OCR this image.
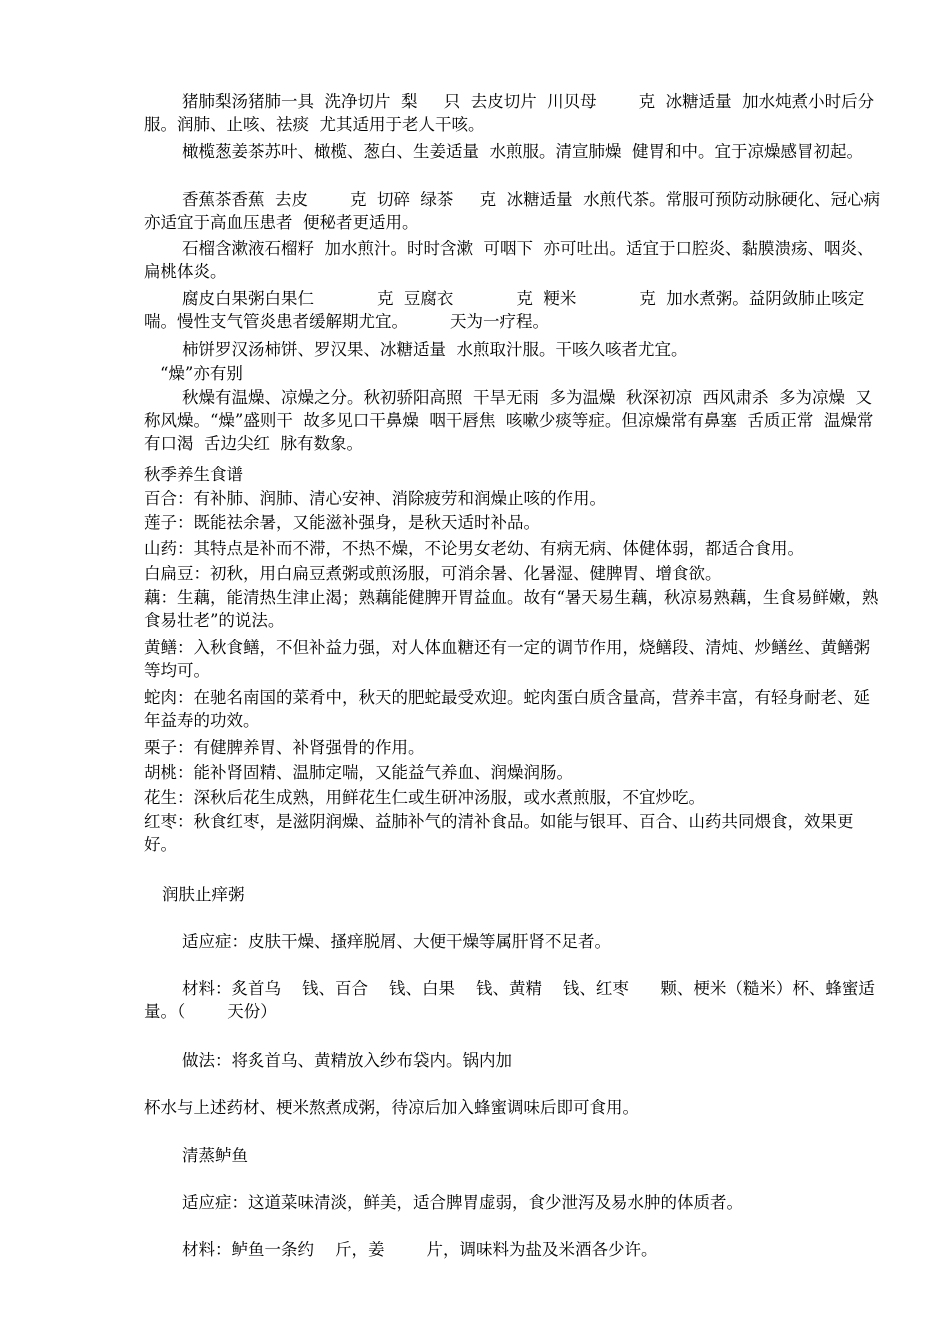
猪肺梨汤猪肺一具  洗净切片  梨     只  去皮切片  川贝母        克  冰糖适量  加水炖煮小时后分服。润肺、止咳、祛痰  尤其适用于老人干咳。

橄榄葱姜茶苏叶、橄榄、葱白、生姜适量  水煎服。清宣肺燥  健胃和中。宜于凉燥感冒初起。

香蕉茶香蕉  去皮        克  切碎  绿茶     克  冰糖适量  水煎代茶。常服可预防动脉硬化、冠心病  亦适宜于高血压患者  便秘者更适用。

石榴含漱液石榴籽  加水煎汁。时时含漱  可咽下  亦可吐出。适宜于口腔炎、黏膜溃疡、咽炎、扁桃体炎。

腐皮白果粥白果仁            克  豆腐衣            克  粳米            克  加水煮粥。益阴敛肺止咳定喘。慢性支气管炎患者缓解期尤宜。        天为一疗程。

柿饼罗汉汤柿饼、罗汉果、冰糖适量  水煎取汁服。干咳久咳者尤宜。

“燥”亦有别

秋燥有温燥、凉燥之分。秋初骄阳高照  干旱无雨  多为温燥  秋深初凉  西风肃杀  多为凉燥  又称风燥。“燥”盛则干  故多见口干鼻燥  咽干唇焦  咳嗽少痰等症。但凉燥常有鼻塞  舌质正常  温燥常有口渴  舌边尖红  脉有数象。

秋季养生食谱

百合：有补肺、润肺、清心安神、消除疲劳和润燥止咳的作用。

莲子：既能祛余暑，又能滋补强身，是秋天适时补品。

山药：其特点是补而不滞，不热不燥，不论男女老幼、有病无病、体健体弱，都适合食用。

白扁豆：初秋，用白扁豆煮粥或煎汤服，可消余暑、化暑湿、健脾胃、增食欲。

藕：生藕，能清热生津止渴；熟藕能健脾开胃益血。故有“暑天易生藕，秋凉易熟藕，生食易鲜嫩，熟食易壮老”的说法。

黄鳝：入秋食鳝，不但补益力强，对人体血糖还有一定的调节作用，烧鳝段、清炖、炒鳝丝、黄鳝粥等均可。

蛇肉：在驰名南国的菜肴中，秋天的肥蛇最受欢迎。蛇肉蛋白质含量高，营养丰富，有轻身耐老、延年益寿的功效。

栗子：有健脾养胃、补肾强骨的作用。

胡桃：能补肾固精、温肺定喘，又能益气养血、润燥润肠。

花生：深秋后花生成熟，用鲜花生仁或生研冲汤服，或水煮煎服，不宜炒吃。

红枣：秋食红枣，是滋阴润燥、益肺补气的清补食品。如能与银耳、百合、山药共同煨食，效果更好。

润肤止痒粥

适应症：皮肤干燥、搔痒脱屑、大便干燥等属肝肾不足者。

材料：炙首乌    钱、百合    钱、白果    钱、黄精    钱、红枣      颗、梗米（糙米）杯、蜂蜜适量。（        天份）

做法：将炙首乌、黄精放入纱布袋内。锅内加

杯水与上述药材、梗米熬煮成粥，待凉后加入蜂蜜调味后即可食用。

清蒸鲈鱼

适应症：这道菜味清淡，鲜美，适合脾胃虚弱，食少泄泻及易水肿的体质者。

材料：鲈鱼一条约    斤，姜        片，调味料为盐及米酒各少许。
